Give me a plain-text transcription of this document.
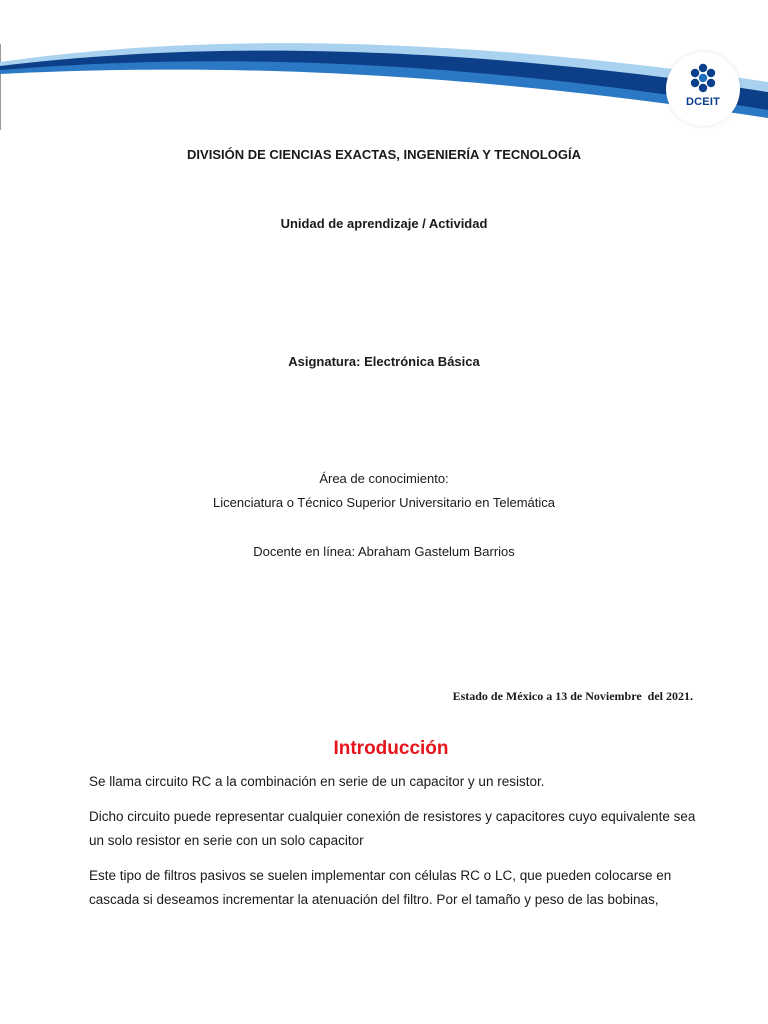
DCEIT
DIVISIÓN DE CIENCIAS EXACTAS, INGENIERÍA Y TECNOLOGÍA
Unidad de aprendizaje / Actividad
Asignatura: Electrónica Básica
Área de conocimiento:
Licenciatura o Técnico Superior Universitario en Telemática
Docente en línea: Abraham Gastelum Barrios
Estado de México a 13 de Noviembre  del 2021.
Introducción
Se llama circuito RC a la combinación en serie de un capacitor y un resistor.
Dicho circuito puede representar cualquier conexión de resistores y capacitores cuyo equivalente sea un solo resistor en serie con un solo capacitor
Este tipo de filtros pasivos se suelen implementar con células RC o LC, que pueden colocarse en cascada si deseamos incrementar la atenuación del filtro. Por el tamaño y peso de las bobinas,
